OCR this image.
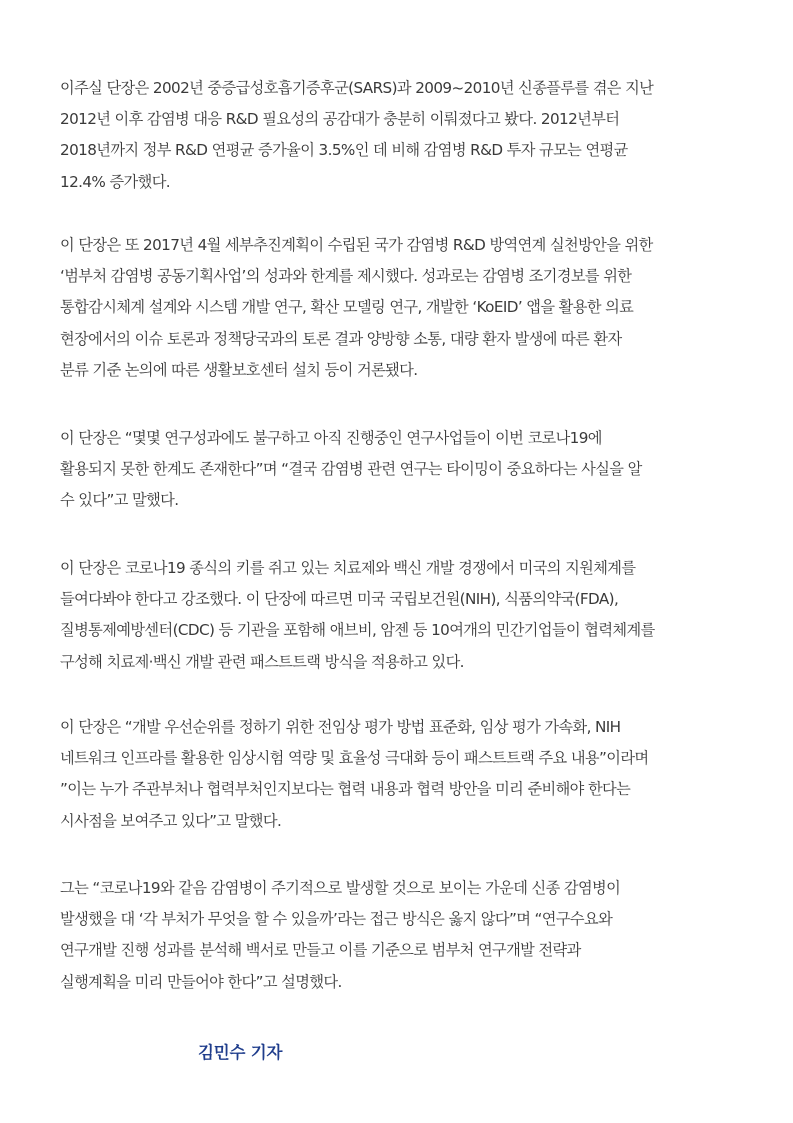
이주실 단장은 2002년 중증급성호흡기증후군(SARS)과 2009~2010년 신종플루를 겪은 지난
2012년 이후 감염병 대응 R&D 필요성의 공감대가 충분히 이뤄졌다고 봤다. 2012년부터
2018년까지 정부 R&D 연평균 증가율이 3.5%인 데 비해 감염병 R&D 투자 규모는 연평균
12.4% 증가했다.

이 단장은 또 2017년 4월 세부추진계획이 수립된 국가 감염병 R&D 방역연계 실천방안을 위한
‘범부처 감염병 공동기획사업’의 성과와 한계를 제시했다. 성과로는 감염병 조기경보를 위한
통합감시체계 설계와 시스템 개발 연구, 확산 모델링 연구, 개발한 ‘KoEID’ 앱을 활용한 의료
현장에서의 이슈 토론과 정책당국과의 토론 결과 양방향 소통, 대량 환자 발생에 따른 환자
분류 기준 논의에 따른 생활보호센터 설치 등이 거론됐다.

이 단장은 “몇몇 연구성과에도 불구하고 아직 진행중인 연구사업들이 이번 코로나19에
활용되지 못한 한계도 존재한다”며 “결국 감염병 관련 연구는 타이밍이 중요하다는 사실을 알
수 있다”고 말했다.

이 단장은 코로나19 종식의 키를 쥐고 있는 치료제와 백신 개발 경쟁에서 미국의 지원체계를
들여다봐야 한다고 강조했다. 이 단장에 따르면 미국 국립보건원(NIH), 식품의약국(FDA),
질병통제예방센터(CDC) 등 기관을 포함해 애브비, 암젠 등 10여개의 민간기업들이 협력체계를
구성해 치료제·백신 개발 관련 패스트트랙 방식을 적용하고 있다.

이 단장은 “개발 우선순위를 정하기 위한 전임상 평가 방법 표준화, 임상 평가 가속화, NIH
네트워크 인프라를 활용한 임상시험 역량 및 효율성 극대화 등이 패스트트랙 주요 내용”이라며
”이는 누가 주관부처나 협력부처인지보다는 협력 내용과 협력 방안을 미리 준비해야 한다는
시사점을 보여주고 있다”고 말했다.

그는 “코로나19와 같음 감염병이 주기적으로 발생할 것으로 보이는 가운데 신종 감염병이
발생했을 대 ‘각 부처가 무엇을 할 수 있을까’라는 접근 방식은 옳지 않다”며 “연구수요와
연구개발 진행 성과를 분석해 백서로 만들고 이를 기준으로 범부처 연구개발 전략과
실행계획을 미리 만들어야 한다”고 설명했다.

김민수 기자
